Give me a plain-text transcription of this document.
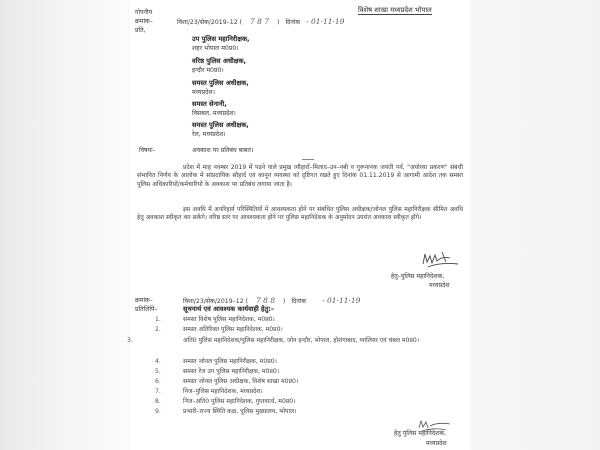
गोपनीय	विशेष शाखा मध्यप्रदेश भोपाल
क्रमांक–	विशा/23/सेक/2019–12 ( 7 8 7 ) दिनांक - 01·11·19
प्रति,
उप पुलिस महानिरीक्षक,
शहर भोपाल म0प्र0।
वरिष्ठ पुलिस अधीक्षक,
इन्दौर म0प्र0।
समस्त पुलिस अधीक्षक,
मध्यप्रदेश।
समस्त सेनानी,
विसबल, मध्यप्रदेश।
समस्त पुलिस अधीक्षक,
रेल, मध्यप्रदेश।
विषयः–	अवकाश पर प्रतिबंध बाबत।
प्रदेश में माह नवम्बर 2019 में पड़ने वाले प्रमुख त्यौहारों–मिलाद–उन–नबी व गुरूनानक जयंती पर्व, "अयोध्या प्रकरण" संबंधी संभावित निर्णय के आलोक में सांप्रदायिक सौहार्द एवं कानून व्यवस्था को दृष्टिगत रखते हुए दिनांक 01.11.2019 से आगामी आदेश तक समस्त पुलिस अधिकारियों/कर्मचारियों के अवकाश पर प्रतिबंध लगाया जाता है।
इस अवधि में अपरिहार्य परिस्थितियों में आवश्यकता होने पर संबंधित पुलिस अधीक्षक/जोनल पुलिस महानिरीक्षक सीमित अवधि हेतु अवकाश स्वीकृत कर सकेंगे। वरिष्ठ स्तर पर आवश्यकता होने पर पुलिस महानिदेशक के अनुमोदन उपरांत अवकाश स्वीकृत होंगे।
हेतु–पुलिस महानिदेशक,
मध्यप्रदेश
क्रमांक–	विशा/23/सेक/2019–12 ( 7 8 8 ) दिनांक - 01·11·19
प्रतिलिपि–	सूचनार्थ एवं आवश्यक कार्यवाही हेतु:–
1.	समस्त विशेष पुलिस महानिदेशक, म0प्र0।
2.	समस्त अतिरिक्त पुलिस महानिदेशक, म0प्र0।
3.	अति0 पुलिस महानिदेशक/पुलिस महानिरीक्षक, जोन इन्दौर, भोपाल, होशंगाबाद, ग्वालियर एवं चंबल म0प्र0।
4.	समस्त जोनल पुलिस महानिरीक्षक, म0प्र0।
5.	समस्त रेंज उप पुलिस महानिरीक्षक, म0प्र0।
6.	समस्त जोनल पुलिस अधीक्षक, विशेष शाखा म0प्र0।
7.	निज–पुलिस महानिदेशक, मध्यप्रदेश।
8.	निज–अति0 पुलिस महानिदेशक, गुप्तवार्ता, म0प्र0।
9.	प्रभारी–राज्य स्थिति कक्ष, पुलिस मुख्यालय, भोपाल।
हेतु पुलिस महानिदेशक,
मध्यप्रदेश
